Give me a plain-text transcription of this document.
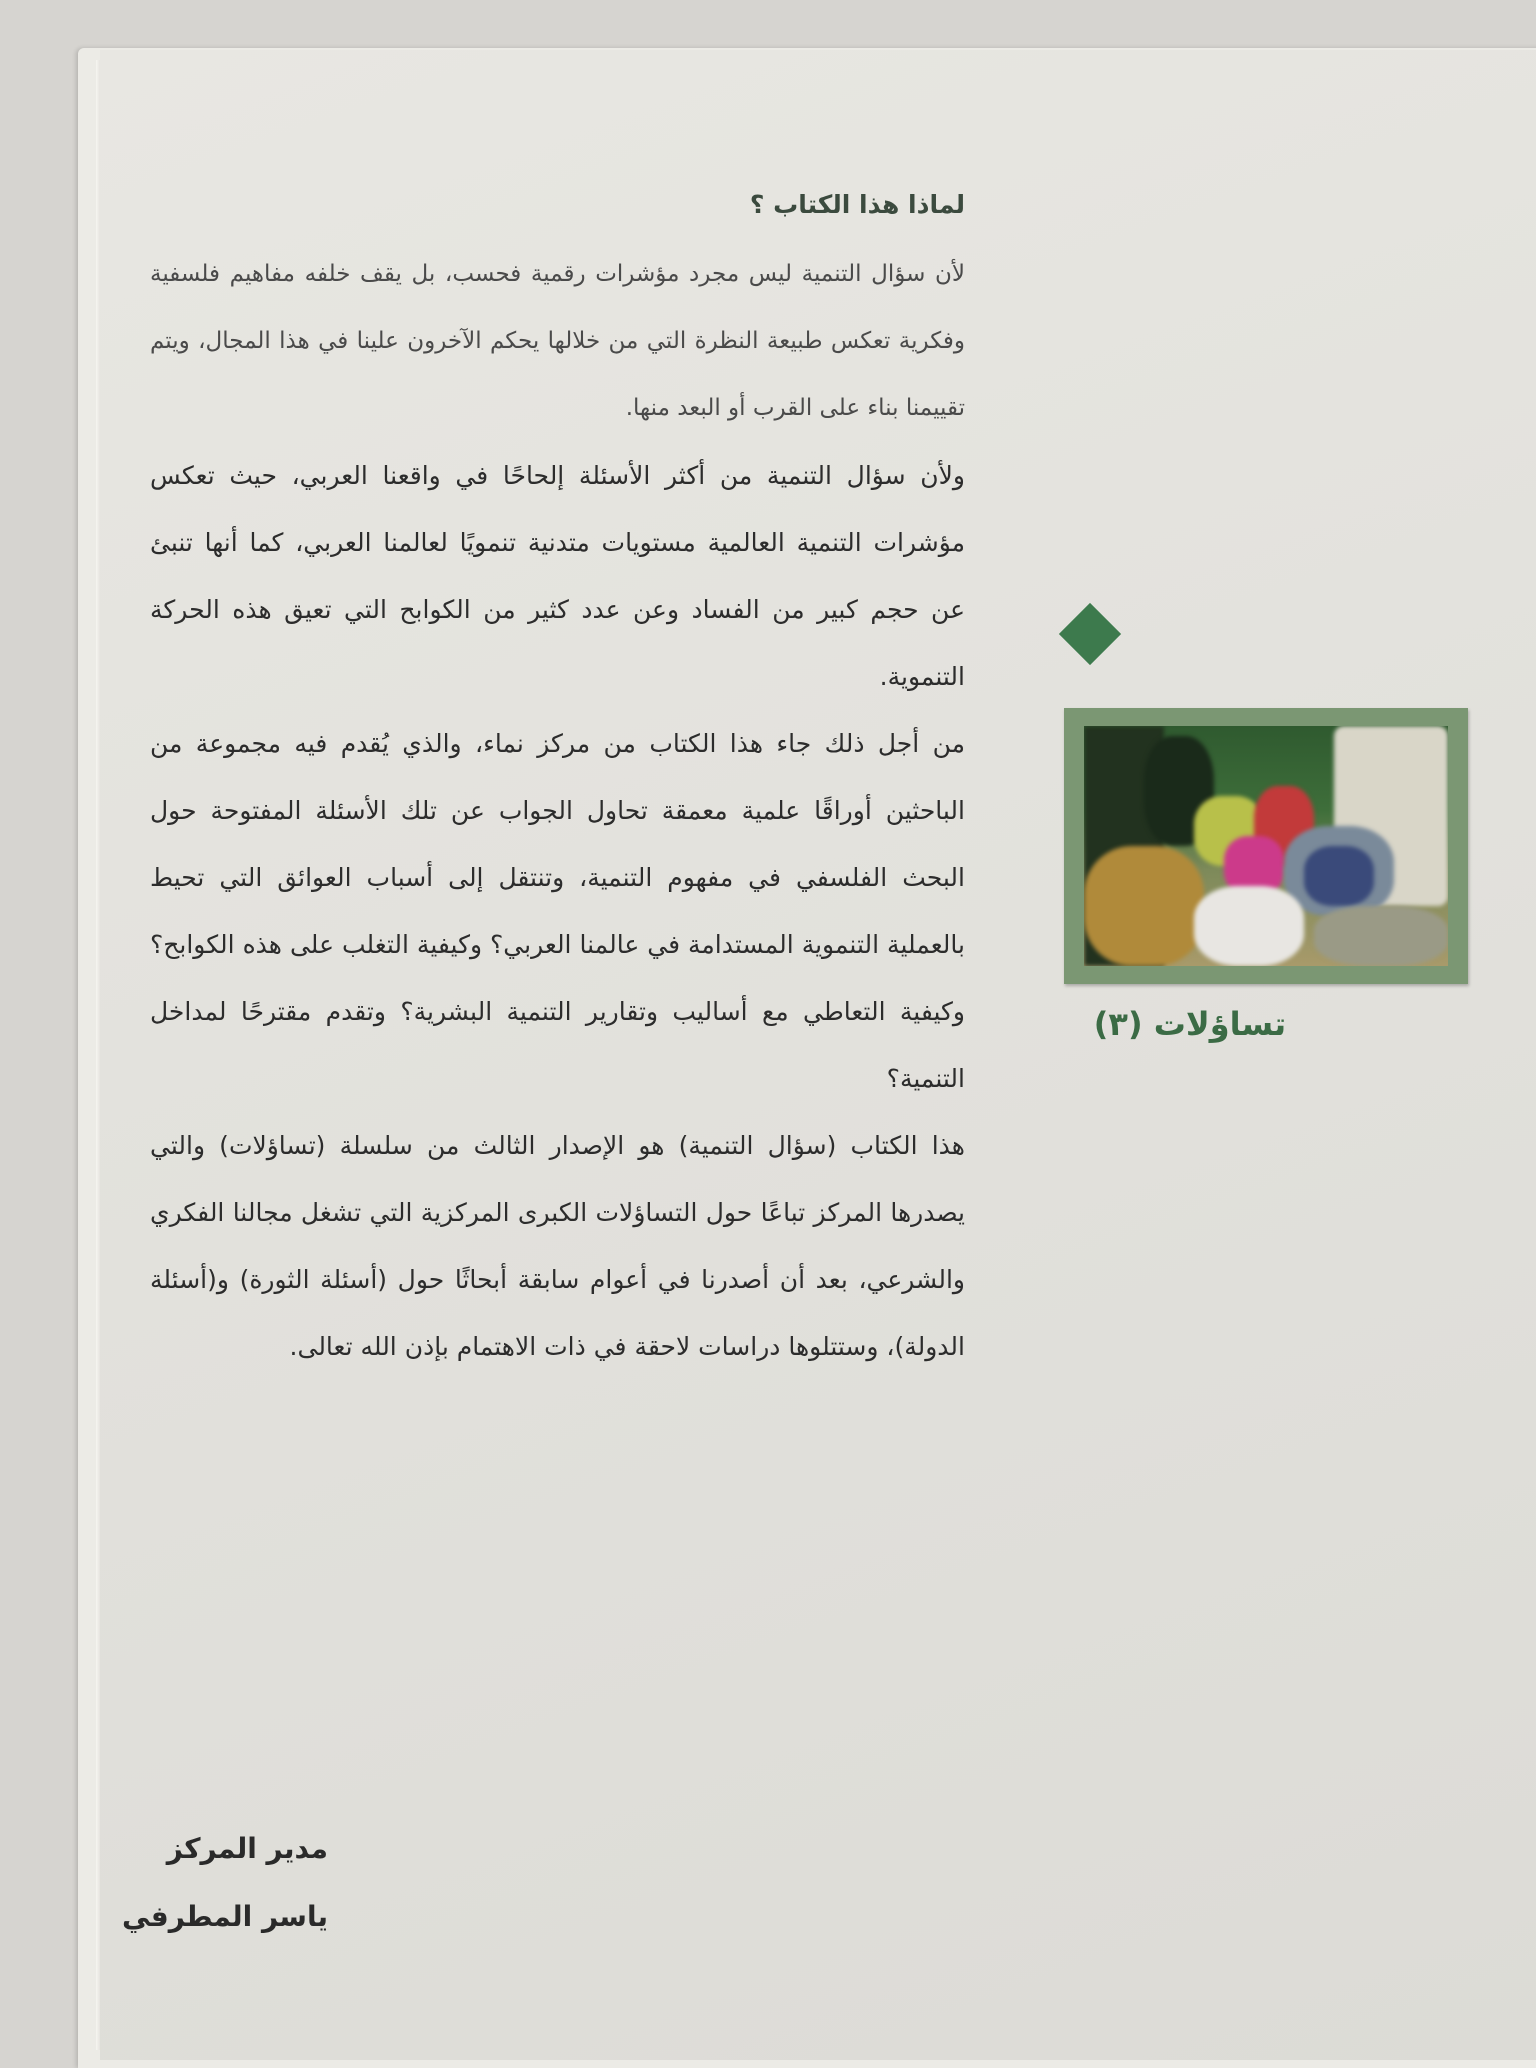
لماذا هذا الكتاب ؟

لأن سؤال التنمية ليس مجرد مؤشرات رقمية فحسب، بل يقف خلفه مفاهيم فلسفية وفكرية تعكس طبيعة النظرة التي من خلالها يحكم الآخرون علينا في هذا المجال، ويتم تقييمنا بناء على القرب أو البعد منها.

ولأن سؤال التنمية من أكثر الأسئلة إلحاحًا في واقعنا العربي، حيث تعكس مؤشرات التنمية العالمية مستويات متدنية تنمويًا لعالمنا العربي، كما أنها تنبئ عن حجم كبير من الفساد وعن عدد كثير من الكوابح التي تعيق هذه الحركة التنموية.

من أجل ذلك جاء هذا الكتاب من مركز نماء، والذي يُقدم فيه مجموعة من الباحثين أوراقًا علمية معمقة تحاول الجواب عن تلك الأسئلة المفتوحة حول البحث الفلسفي في مفهوم التنمية، وتنتقل إلى أسباب العوائق التي تحيط بالعملية التنموية المستدامة في عالمنا العربي؟ وكيفية التغلب على هذه الكوابح؟ وكيفية التعاطي مع أساليب وتقارير التنمية البشرية؟ وتقدم مقترحًا لمداخل التنمية؟

هذا الكتاب (سؤال التنمية) هو الإصدار الثالث من سلسلة (تساؤلات) والتي يصدرها المركز تباعًا حول التساؤلات الكبرى المركزية التي تشغل مجالنا الفكري والشرعي، بعد أن أصدرنا في أعوام سابقة أبحاثًا حول (أسئلة الثورة) و(أسئلة الدولة)، وستتلوها دراسات لاحقة في ذات الاهتمام بإذن الله تعالى.

مدير المركز
ياسر المطرفي
تساؤلات (٣)
